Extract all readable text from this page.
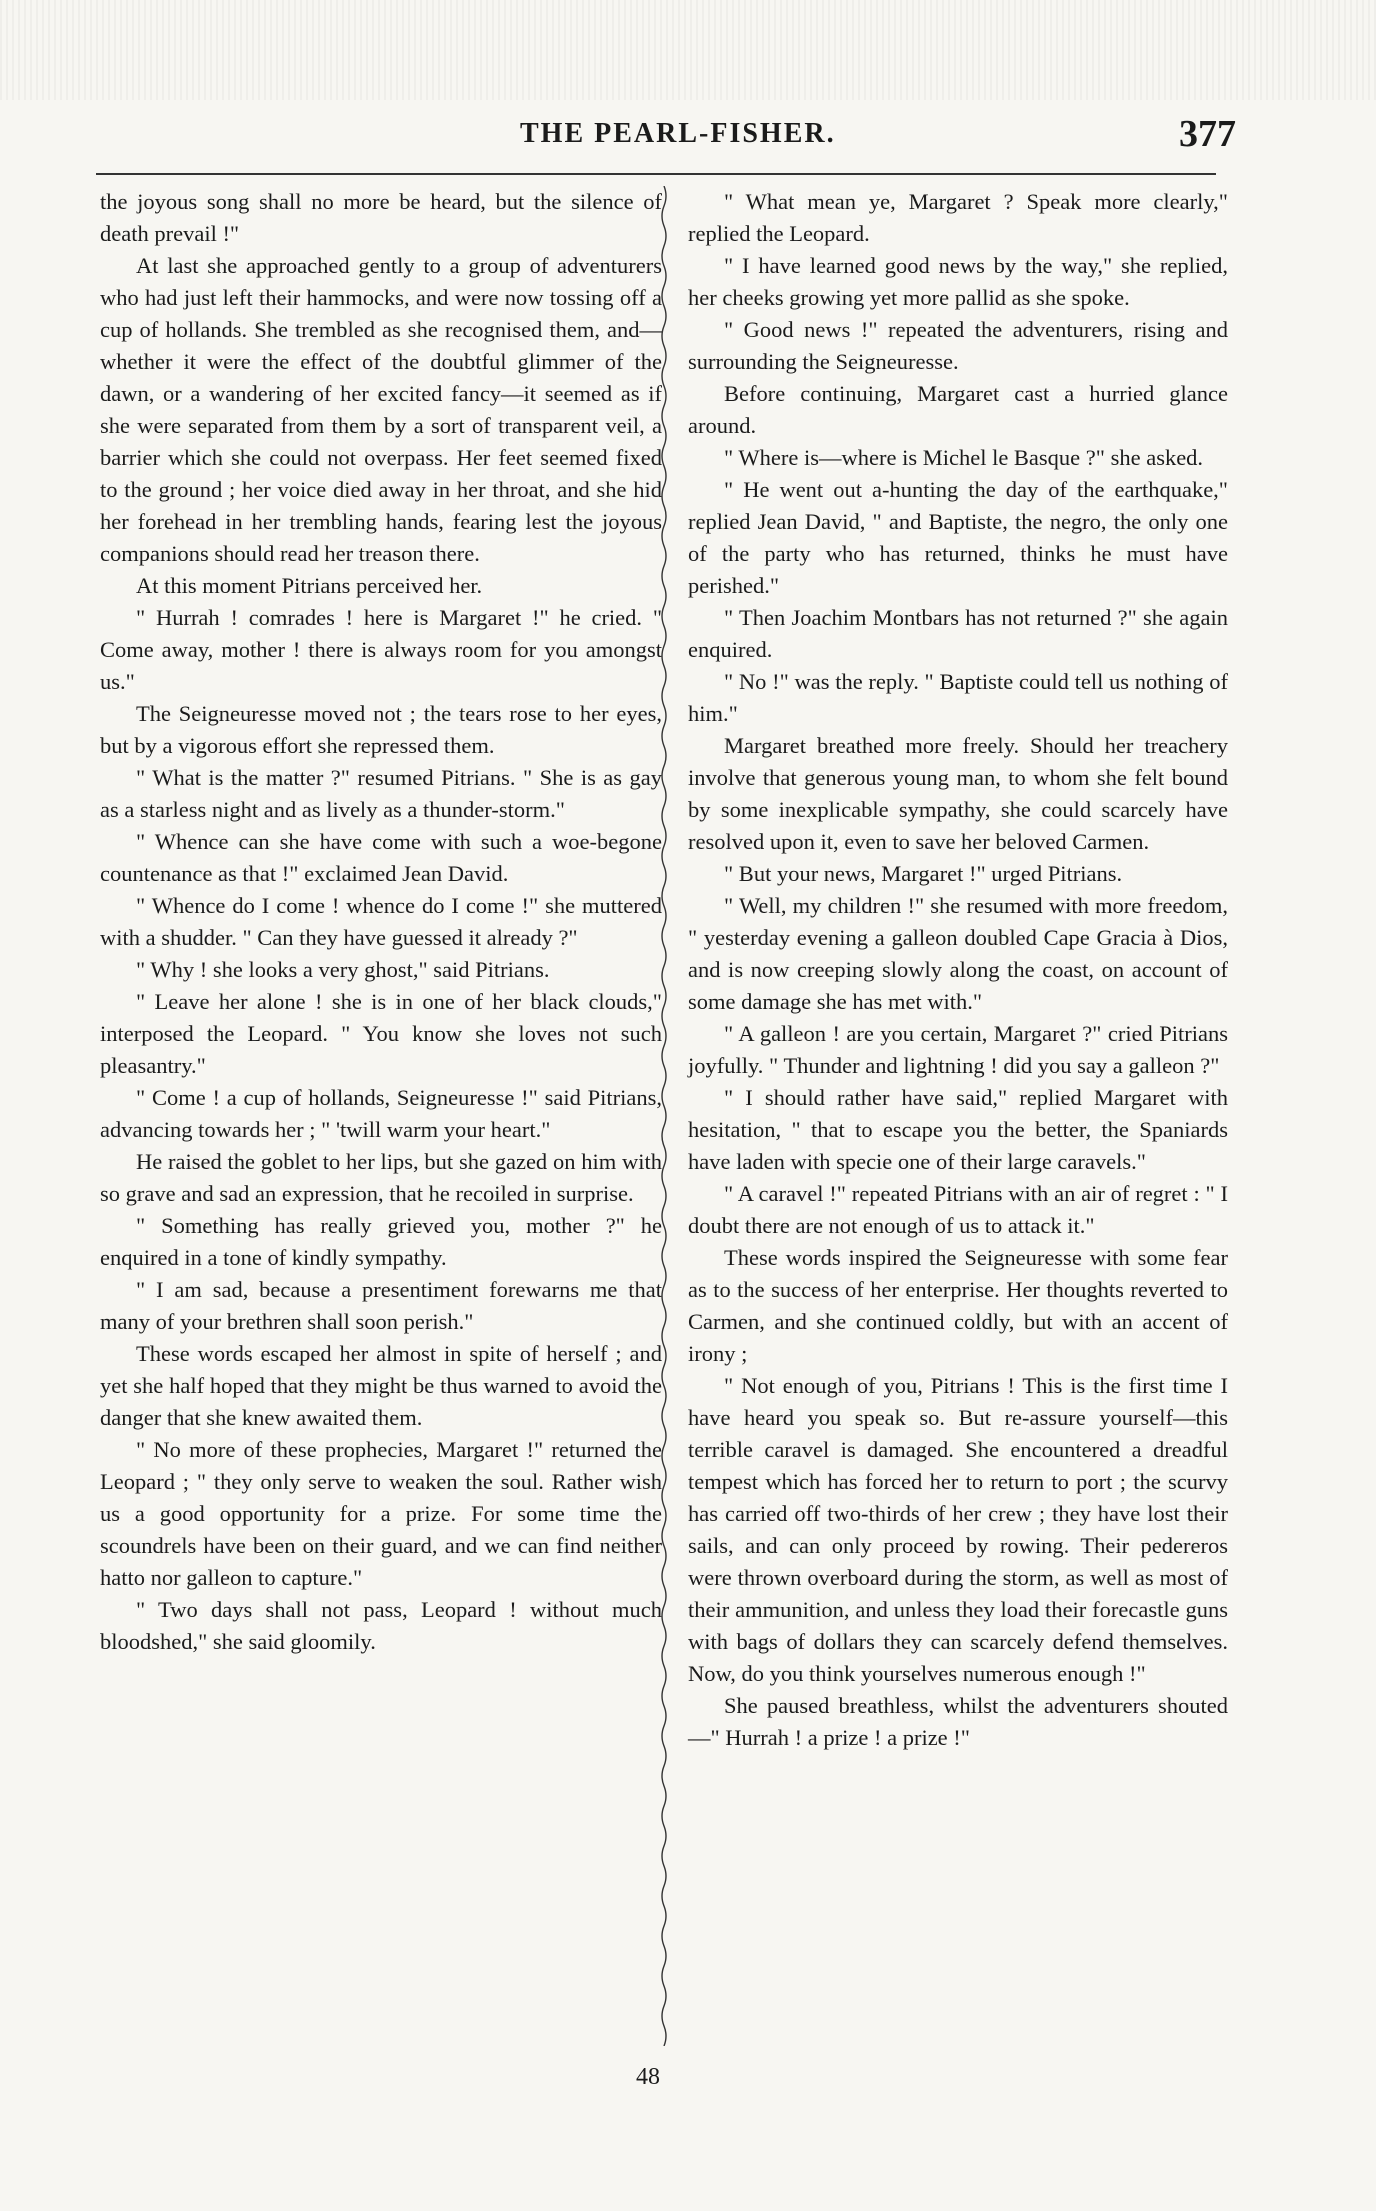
THE PEARL-FISHER.	377

the joyous song shall no more be heard, but the silence of death prevail !"

At last she approached gently to a group of adventurers who had just left their hammocks, and were now tossing off a cup of hollands. She trembled as she recognised them, and—whether it were the effect of the doubtful glimmer of the dawn, or a wandering of her excited fancy—it seemed as if she were separated from them by a sort of transparent veil, a barrier which she could not overpass. Her feet seemed fixed to the ground ; her voice died away in her throat, and she hid her forehead in her trembling hands, fearing lest the joyous companions should read her treason there.

At this moment Pitrians perceived her.

" Hurrah ! comrades ! here is Margaret !" he cried. " Come away, mother ! there is always room for you amongst us."

The Seigneuresse moved not ; the tears rose to her eyes, but by a vigorous effort she repressed them.

" What is the matter ?" resumed Pitrians. " She is as gay as a starless night and as lively as a thunder-storm."

" Whence can she have come with such a woe-begone countenance as that !" exclaimed Jean David.

" Whence do I come ! whence do I come !" she muttered with a shudder. " Can they have guessed it already ?"

" Why ! she looks a very ghost," said Pitrians.

" Leave her alone ! she is in one of her black clouds," interposed the Leopard. " You know she loves not such pleasantry."

" Come ! a cup of hollands, Seigneuresse !" said Pitrians, advancing towards her ; " 'twill warm your heart."

He raised the goblet to her lips, but she gazed on him with so grave and sad an expression, that he recoiled in surprise.

" Something has really grieved you, mother ?" he enquired in a tone of kindly sympathy.

" I am sad, because a presentiment forewarns me that many of your brethren shall soon perish."

These words escaped her almost in spite of herself ; and yet she half hoped that they might be thus warned to avoid the danger that she knew awaited them.

" No more of these prophecies, Margaret !" returned the Leopard ; " they only serve to weaken the soul. Rather wish us a good opportunity for a prize. For some time the scoundrels have been on their guard, and we can find neither hatto nor galleon to capture."

" Two days shall not pass, Leopard ! without much bloodshed," she said gloomily.

" What mean ye, Margaret ? Speak more clearly," replied the Leopard.

" I have learned good news by the way," she replied, her cheeks growing yet more pallid as she spoke.

" Good news !" repeated the adventurers, rising and surrounding the Seigneuresse.

Before continuing, Margaret cast a hurried glance around.

" Where is—where is Michel le Basque ?" she asked.

" He went out a-hunting the day of the earthquake," replied Jean David, " and Baptiste, the negro, the only one of the party who has returned, thinks he must have perished."

" Then Joachim Montbars has not returned ?" she again enquired.

" No !" was the reply. " Baptiste could tell us nothing of him."

Margaret breathed more freely. Should her treachery involve that generous young man, to whom she felt bound by some inexplicable sympathy, she could scarcely have resolved upon it, even to save her beloved Carmen.

" But your news, Margaret !" urged Pitrians.

" Well, my children !" she resumed with more freedom, " yesterday evening a galleon doubled Cape Gracia à Dios, and is now creeping slowly along the coast, on account of some damage she has met with."

" A galleon ! are you certain, Margaret ?" cried Pitrians joyfully. " Thunder and lightning ! did you say a galleon ?"

" I should rather have said," replied Margaret with hesitation, " that to escape you the better, the Spaniards have laden with specie one of their large caravels."

" A caravel !" repeated Pitrians with an air of regret : " I doubt there are not enough of us to attack it."

These words inspired the Seigneuresse with some fear as to the success of her enterprise. Her thoughts reverted to Carmen, and she continued coldly, but with an accent of irony ;

" Not enough of you, Pitrians ! This is the first time I have heard you speak so. But re-assure yourself—this terrible caravel is damaged. She encountered a dreadful tempest which has forced her to return to port ; the scurvy has carried off two-thirds of her crew ; they have lost their sails, and can only proceed by rowing. Their pedereros were thrown overboard during the storm, as well as most of their ammunition, and unless they load their forecastle guns with bags of dollars they can scarcely defend themselves. Now, do you think yourselves numerous enough !"

She paused breathless, whilst the adventurers shouted—" Hurrah ! a prize ! a prize !"

48
